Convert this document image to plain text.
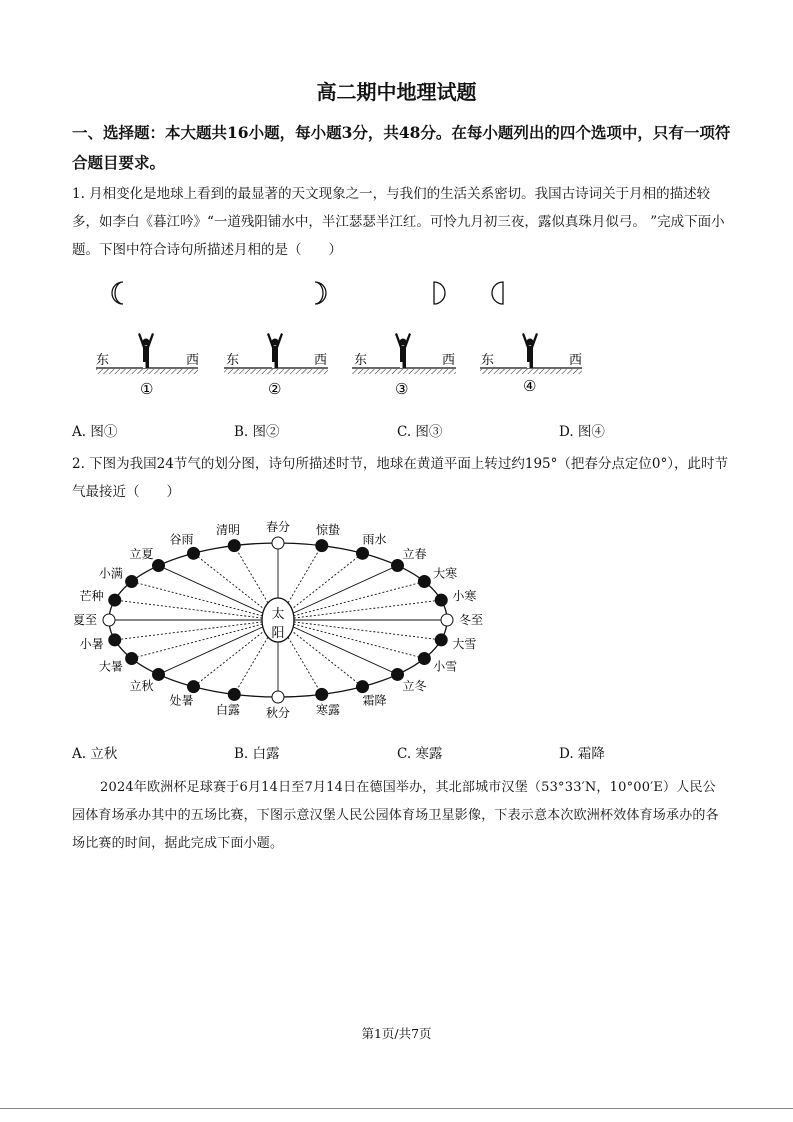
高二期中地理试题
一、选择题：本大题共16小题，每小题3分，共48分。在每小题列出的四个选项中，只有一项符合题目要求。
1. 月相变化是地球上看到的最显著的天文现象之一，与我们的生活关系密切。我国古诗词关于月相的描述较多，如李白《暮江吟》“一道残阳铺水中，半江瑟瑟半江红。可怜九月初三夜，露似真珠月似弓。 ”完成下面小题。下图中符合诗句所描述月相的是（　　）
东	西
①
东	西
②
东	西
③
东	西
④
A. 图①	B. 图②	C. 图③	D. 图④
2. 下图为我国24节气的划分图，诗句所描述时节，地球在黄道平面上转过约195°（把春分点定位0°），此时节气最接近（　　）
春分 惊蛰
雨水
立春
大寒
小寒
冬至
大雪
小雪
立冬
霜降
寒露
秋分
白露
处暑
立秋
大暑
小暑
夏至
芒种
小满
立夏
谷雨
清明
太
阳
A. 立秋	B. 白露	C. 寒露	D. 霜降
2024年欧洲杯足球赛于6月14日至7月14日在德国举办，其北部城市汉堡（53°33′N，10°00′E）人民公园体育场承办其中的五场比赛，下图示意汉堡人民公园体育场卫星影像，下表示意本次欧洲杯效体育场承办的各场比赛的时间，据此完成下面小题。
第1页/共7页
